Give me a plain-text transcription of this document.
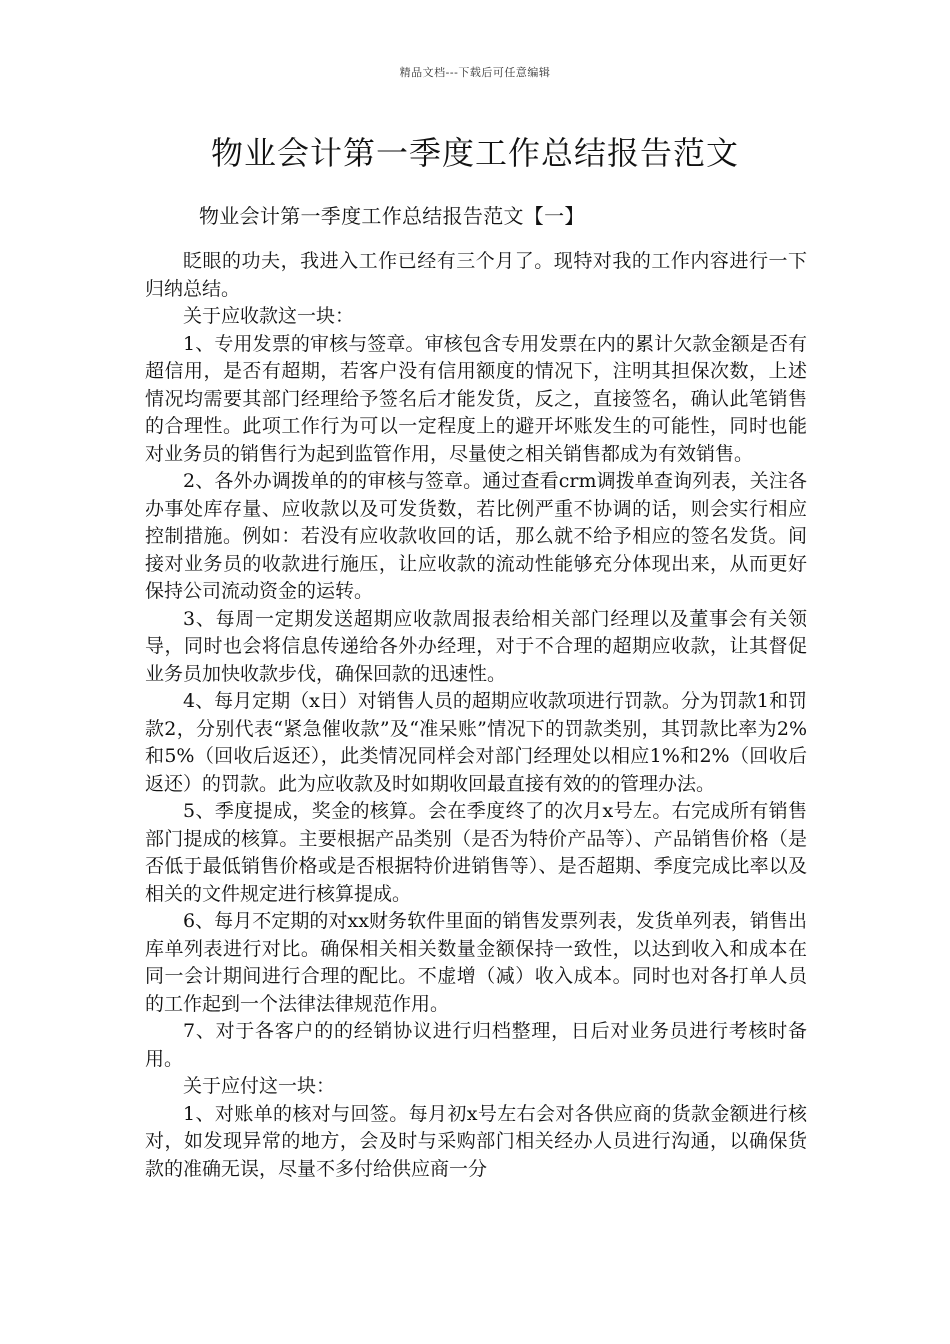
精品文档---下载后可任意编辑
物业会计第一季度工作总结报告范文
物业会计第一季度工作总结报告范文【一】

眨眼的功夫，我进入工作已经有三个月了。现特对我的工作内容进行一下归纳总结。

关于应收款这一块：

1、专用发票的审核与签章。审核包含专用发票在内的累计欠款金额是否有超信用，是否有超期，若客户没有信用额度的情况下，注明其担保次数，上述情况均需要其部门经理给予签名后才能发货，反之，直接签名，确认此笔销售的合理性。此项工作行为可以一定程度上的避开坏账发生的可能性，同时也能对业务员的销售行为起到监管作用，尽量使之相关销售都成为有效销售。

2、各外办调拨单的的审核与签章。通过查看crm调拨单查询列表，关注各办事处库存量、应收款以及可发货数，若比例严重不协调的话，则会实行相应控制措施。例如：若没有应收款收回的话，那么就不给予相应的签名发货。间接对业务员的收款进行施压，让应收款的流动性能够充分体现出来，从而更好保持公司流动资金的运转。

3、每周一定期发送超期应收款周报表给相关部门经理以及董事会有关领导，同时也会将信息传递给各外办经理，对于不合理的超期应收款，让其督促业务员加快收款步伐，确保回款的迅速性。

4、每月定期（x日）对销售人员的超期应收款项进行罚款。分为罚款1和罚款2，分别代表“紧急催收款”及“准呆账”情况下的罚款类别，其罚款比率为2%和5%（回收后返还），此类情况同样会对部门经理处以相应1%和2%（回收后返还）的罚款。此为应收款及时如期收回最直接有效的的管理办法。

5、季度提成，奖金的核算。会在季度终了的次月x号左。右完成所有销售部门提成的核算。主要根据产品类别（是否为特价产品等）、产品销售价格（是否低于最低销售价格或是否根据特价进销售等）、是否超期、季度完成比率以及相关的文件规定进行核算提成。

6、每月不定期的对xx财务软件里面的销售发票列表，发货单列表，销售出库单列表进行对比。确保相关相关数量金额保持一致性，以达到收入和成本在同一会计期间进行合理的配比。不虚增（减）收入成本。同时也对各打单人员的工作起到一个法律法律规范作用。

7、对于各客户的的经销协议进行归档整理，日后对业务员进行考核时备用。

关于应付这一块：

1、对账单的核对与回签。每月初x号左右会对各供应商的货款金额进行核对，如发现异常的地方，会及时与采购部门相关经办人员进行沟通，以确保货款的准确无误，尽量不多付给供应商一分
